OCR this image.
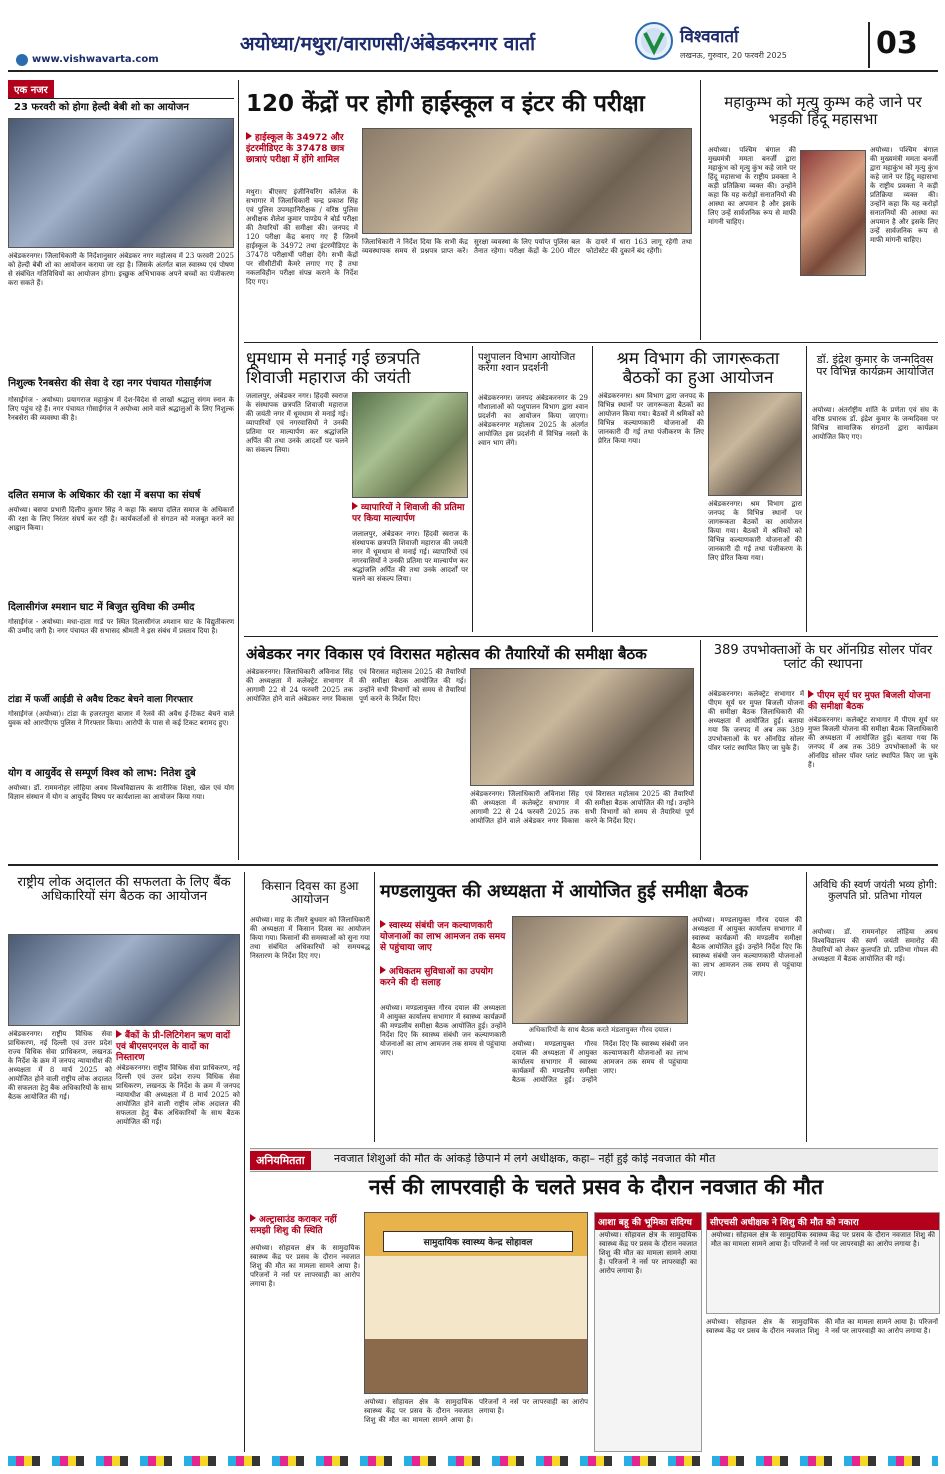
अयोध्या/मथुरा/वाराणसी/अंबेडकरनगर वार्ता	विश्ववार्ता
लखनऊ, गुरुवार, 20 फरवरी 2025	03
www.vishwavarta.com
एक नजर
23 फरवरी को होगा हेल्दी बेबी शो का आयोजन
अंबेडकरनगर। जिलाधिकारी के निर्देशानुसार अंबेडकर नगर महोत्सव में 23 फरवरी 2025 को हेल्दी बेबी शो का आयोजन कराया जा रहा है। जिसके अंतर्गत बाल स्वास्थ्य एवं पोषण से संबंधित गतिविधियों का आयोजन होगा। इच्छुक अभिभावक अपने बच्चों का पंजीकरण करा सकते हैं।
निशुल्क रैनबसेरा की सेवा दे रहा नगर पंचायत गोसाईंगंज
गोसाईंगंज - अयोध्या। प्रयागराज महाकुंभ में देश-विदेश से लाखों श्रद्धालु संगम स्नान के लिए पहुंच रहे हैं। नगर पंचायत गोसाईंगंज ने अयोध्या आने वाले श्रद्धालुओं के लिए निशुल्क रैनबसेरा की व्यवस्था की है।
दलित समाज के अधिकार की रक्षा में बसपा का संघर्ष
अयोध्या। बसपा प्रभारी दिलीप कुमार सिंह ने कहा कि बसपा दलित समाज के अधिकारों की रक्षा के लिए निरंतर संघर्ष कर रही है। कार्यकर्ताओं से संगठन को मजबूत करने का आह्वान किया।
दिलासीगंज श्मशान घाट में बिजुत सुविधा की उम्मीद
गोसाईंगंज - अयोध्या। मधा-दाता गार्ड पर स्थित दिलासीगंज श्मशान घाट के विद्युतीकरण की उम्मीद जगी है। नगर पंचायत की सभासद श्रीमती ने इस संबंध में प्रस्ताव दिया है।
टांडा में फर्जी आईडी से अवैध टिकट बेचने वाला गिरफ्तार
गोसाईंगंज (अयोध्या)। टांडा के हजरतपुरा बाजार में रेलवे की अवैध ई-टिकट बेचने वाले युवक को आरपीएफ पुलिस ने गिरफ्तार किया। आरोपी के पास से कई टिकट बरामद हुए।
योग व आयुर्वेद से सम्पूर्ण विश्व को लाभ: नितेश दुबे
अयोध्या। डॉ. राममनोहर लोहिया अवध विश्वविद्यालय के शारीरिक शिक्षा, खेल एवं योग विज्ञान संस्थान में योग व आयुर्वेद विषय पर कार्यशाला का आयोजन किया गया।
120 केंद्रों पर होगी हाईस्कूल व इंटर की परीक्षा
हाईस्कूल के 34972 और इंटरमीडिएट के 37478 छात्र छात्राएं परीक्षा में होंगे शामिल
मथुरा। बीएसए इंजीनियरिंग कॉलेज के सभागार में जिलाधिकारी चन्द्र प्रकाश सिंह एवं पुलिस उपमहानिरीक्षक / वरिष्ठ पुलिस अधीक्षक शैलेश कुमार पाण्डेय ने बोर्ड परीक्षा की तैयारियों की समीक्षा की। जनपद में 120 परीक्षा केंद्र बनाए गए हैं जिनमें हाईस्कूल के 34972 तथा इंटरमीडिएट के 37478 परीक्षार्थी परीक्षा देंगे। सभी केंद्रों पर सीसीटीवी कैमरे लगाए गए हैं तथा नकलविहीन परीक्षा संपन्न कराने के निर्देश दिए गए।
जिलाधिकारी ने निर्देश दिया कि सभी केंद्र व्यवस्थापक समय से प्रश्नपत्र प्राप्त करें। सुरक्षा व्यवस्था के लिए पर्याप्त पुलिस बल तैनात रहेगा। परीक्षा केंद्रों के 200 मीटर के दायरे में धारा 163 लागू रहेगी तथा फोटोस्टेट की दुकानें बंद रहेंगी।
महाकुम्भ को मृत्यु कुम्भ कहे जाने पर भड़की हिंदू महासभा
अयोध्या। पश्चिम बंगाल की मुख्यमंत्री ममता बनर्जी द्वारा महाकुंभ को मृत्यु कुंभ कहे जाने पर हिंदू महासभा के राष्ट्रीय प्रवक्ता ने कड़ी प्रतिक्रिया व्यक्त की। उन्होंने कहा कि यह करोड़ों सनातनियों की आस्था का अपमान है और इसके लिए उन्हें सार्वजनिक रूप से माफी मांगनी चाहिए।
अयोध्या। पश्चिम बंगाल की मुख्यमंत्री ममता बनर्जी द्वारा महाकुंभ को मृत्यु कुंभ कहे जाने पर हिंदू महासभा के राष्ट्रीय प्रवक्ता ने कड़ी प्रतिक्रिया व्यक्त की। उन्होंने कहा कि यह करोड़ों सनातनियों की आस्था का अपमान है और इसके लिए उन्हें सार्वजनिक रूप से माफी मांगनी चाहिए।
धूमधाम से मनाई गई छत्रपति शिवाजी महाराज की जयंती
व्यापारियों ने शिवाजी की प्रतिमा पर किया माल्यार्पण
जलालपुर, अंबेडकर नगर। हिंदवी स्वराज के संस्थापक छत्रपति शिवाजी महाराज की जयंती नगर में धूमधाम से मनाई गई। व्यापारियों एवं नगरवासियों ने उनकी प्रतिमा पर माल्यार्पण कर श्रद्धांजलि अर्पित की तथा उनके आदर्शों पर चलने का संकल्प लिया।
जलालपुर, अंबेडकर नगर। हिंदवी स्वराज के संस्थापक छत्रपति शिवाजी महाराज की जयंती नगर में धूमधाम से मनाई गई। व्यापारियों एवं नगरवासियों ने उनकी प्रतिमा पर माल्यार्पण कर श्रद्धांजलि अर्पित की तथा उनके आदर्शों पर चलने का संकल्प लिया।
पशुपालन विभाग आयोजित करेगा श्वान प्रदर्शनी
अंबेडकरनगर। जनपद अंबेडकरनगर के 29 गौशालाओं को पशुपालन विभाग द्वारा श्वान प्रदर्शनी का आयोजन किया जाएगा। अंबेडकरनगर महोत्सव 2025 के अंतर्गत आयोजित इस प्रदर्शनी में विभिन्न नस्लों के श्वान भाग लेंगे।
श्रम विभाग की जागरूकता बैठकों का हुआ आयोजन
अंबेडकरनगर। श्रम विभाग द्वारा जनपद के विभिन्न स्थानों पर जागरूकता बैठकों का आयोजन किया गया। बैठकों में श्रमिकों को विभिन्न कल्याणकारी योजनाओं की जानकारी दी गई तथा पंजीकरण के लिए प्रेरित किया गया।
अंबेडकरनगर। श्रम विभाग द्वारा जनपद के विभिन्न स्थानों पर जागरूकता बैठकों का आयोजन किया गया। बैठकों में श्रमिकों को विभिन्न कल्याणकारी योजनाओं की जानकारी दी गई तथा पंजीकरण के लिए प्रेरित किया गया।
डॉ. इंद्रेश कुमार के जन्मदिवस पर विभिन्न कार्यक्रम आयोजित
अयोध्या। अंतर्राष्ट्रीय शांति के प्रणेता एवं संघ के वरिष्ठ प्रचारक डॉ. इंद्रेश कुमार के जन्मदिवस पर विभिन्न सामाजिक संगठनों द्वारा कार्यक्रम आयोजित किए गए।
अंबेडकर नगर विकास एवं विरासत महोत्सव की तैयारियों की समीक्षा बैठक
अंबेडकरनगर। जिलाधिकारी अविनाश सिंह की अध्यक्षता में कलेक्ट्रेट सभागार में आगामी 22 से 24 फरवरी 2025 तक आयोजित होने वाले अंबेडकर नगर विकास एवं विरासत महोत्सव 2025 की तैयारियों की समीक्षा बैठक आयोजित की गई। उन्होंने सभी विभागों को समय से तैयारियां पूर्ण करने के निर्देश दिए।
अंबेडकरनगर। जिलाधिकारी अविनाश सिंह की अध्यक्षता में कलेक्ट्रेट सभागार में आगामी 22 से 24 फरवरी 2025 तक आयोजित होने वाले अंबेडकर नगर विकास एवं विरासत महोत्सव 2025 की तैयारियों की समीक्षा बैठक आयोजित की गई। उन्होंने सभी विभागों को समय से तैयारियां पूर्ण करने के निर्देश दिए।
389 उपभोक्ताओं के घर ऑनग्रिड सोलर पॉवर प्लांट की स्थापना
पीएम सूर्य घर मुफ्त बिजली योजना की समीक्षा बैठक
अंबेडकरनगर। कलेक्ट्रेट सभागार में पीएम सूर्य घर मुफ्त बिजली योजना की समीक्षा बैठक जिलाधिकारी की अध्यक्षता में आयोजित हुई। बताया गया कि जनपद में अब तक 389 उपभोक्ताओं के घर ऑनग्रिड सोलर पॉवर प्लांट स्थापित किए जा चुके हैं।
अंबेडकरनगर। कलेक्ट्रेट सभागार में पीएम सूर्य घर मुफ्त बिजली योजना की समीक्षा बैठक जिलाधिकारी की अध्यक्षता में आयोजित हुई। बताया गया कि जनपद में अब तक 389 उपभोक्ताओं के घर ऑनग्रिड सोलर पॉवर प्लांट स्थापित किए जा चुके हैं।
राष्ट्रीय लोक अदालत की सफलता के लिए बैंक अधिकारियों संग बैठक का आयोजन
बैंकों के प्री-लिटिगेशन ऋण वादों एवं बीएसएनएल के वादों का निस्तारण
अंबेडकरनगर। राष्ट्रीय विधिक सेवा प्राधिकरण, नई दिल्ली एवं उत्तर प्रदेश राज्य विधिक सेवा प्राधिकरण, लखनऊ के निर्देश के क्रम में जनपद न्यायाधीश की अध्यक्षता में 8 मार्च 2025 को आयोजित होने वाली राष्ट्रीय लोक अदालत की सफलता हेतु बैंक अधिकारियों के साथ बैठक आयोजित की गई।
अंबेडकरनगर। राष्ट्रीय विधिक सेवा प्राधिकरण, नई दिल्ली एवं उत्तर प्रदेश राज्य विधिक सेवा प्राधिकरण, लखनऊ के निर्देश के क्रम में जनपद न्यायाधीश की अध्यक्षता में 8 मार्च 2025 को आयोजित होने वाली राष्ट्रीय लोक अदालत की सफलता हेतु बैंक अधिकारियों के साथ बैठक आयोजित की गई।
किसान दिवस का हुआ आयोजन
अयोध्या। माह के तीसरे बुधवार को जिलाधिकारी की अध्यक्षता में किसान दिवस का आयोजन किया गया। किसानों की समस्याओं को सुना गया तथा संबंधित अधिकारियों को समयबद्ध निस्तारण के निर्देश दिए गए।
मण्डलायुक्त की अध्यक्षता में आयोजित हुई समीक्षा बैठक
स्वास्थ्य संबंधी जन कल्याणकारी योजनाओं का लाभ आमजन तक समय से पहुंचाया जाए
अधिकतम सुविधाओं का उपयोग करने की दी सलाह
अधिकारियों के साथ बैठक करते मंडलायुक्त गौरव दयाल।
अयोध्या। मण्डलायुक्त गौरव दयाल की अध्यक्षता में आयुक्त कार्यालय सभागार में स्वास्थ्य कार्यक्रमों की मण्डलीय समीक्षा बैठक आयोजित हुई। उन्होंने निर्देश दिए कि स्वास्थ्य संबंधी जन कल्याणकारी योजनाओं का लाभ आमजन तक समय से पहुंचाया जाए।
अयोध्या। मण्डलायुक्त गौरव दयाल की अध्यक्षता में आयुक्त कार्यालय सभागार में स्वास्थ्य कार्यक्रमों की मण्डलीय समीक्षा बैठक आयोजित हुई। उन्होंने निर्देश दिए कि स्वास्थ्य संबंधी जन कल्याणकारी योजनाओं का लाभ आमजन तक समय से पहुंचाया जाए।
अयोध्या। मण्डलायुक्त गौरव दयाल की अध्यक्षता में आयुक्त कार्यालय सभागार में स्वास्थ्य कार्यक्रमों की मण्डलीय समीक्षा बैठक आयोजित हुई। उन्होंने निर्देश दिए कि स्वास्थ्य संबंधी जन कल्याणकारी योजनाओं का लाभ आमजन तक समय से पहुंचाया जाए।
अविधि की स्वर्ण जयंती भव्य होगी: कुलपति प्रो. प्रतिभा गोयल
अयोध्या। डॉ. राममनोहर लोहिया अवध विश्वविद्यालय की स्वर्ण जयंती समारोह की तैयारियों को लेकर कुलपति प्रो. प्रतिभा गोयल की अध्यक्षता में बैठक आयोजित की गई।
अनियमितता	नवजात शिशुओं की मौत के आंकड़े छिपाने में लगे अधीक्षक, कहा– नहीं हुई कोई नवजात की मौत
नर्स की लापरवाही के चलते प्रसव के दौरान नवजात की मौत
अल्ट्रासाउंड कराकर नहीं समझी शिशु की स्थिति
अयोध्या। सोहावल क्षेत्र के सामुदायिक स्वास्थ्य केंद्र पर प्रसव के दौरान नवजात शिशु की मौत का मामला सामने आया है। परिजनों ने नर्स पर लापरवाही का आरोप लगाया है।
सामुदायिक स्वास्थ्य केन्द्र सोहावल
अयोध्या। सोहावल क्षेत्र के सामुदायिक स्वास्थ्य केंद्र पर प्रसव के दौरान नवजात शिशु की मौत का मामला सामने आया है। परिजनों ने नर्स पर लापरवाही का आरोप लगाया है।
आशा बहू की भूमिका संदिग्ध
अयोध्या। सोहावल क्षेत्र के सामुदायिक स्वास्थ्य केंद्र पर प्रसव के दौरान नवजात शिशु की मौत का मामला सामने आया है। परिजनों ने नर्स पर लापरवाही का आरोप लगाया है।
सीएचसी अधीक्षक ने शिशु की मौत को नकारा
अयोध्या। सोहावल क्षेत्र के सामुदायिक स्वास्थ्य केंद्र पर प्रसव के दौरान नवजात शिशु की मौत का मामला सामने आया है। परिजनों ने नर्स पर लापरवाही का आरोप लगाया है।
अयोध्या। सोहावल क्षेत्र के सामुदायिक स्वास्थ्य केंद्र पर प्रसव के दौरान नवजात शिशु की मौत का मामला सामने आया है। परिजनों ने नर्स पर लापरवाही का आरोप लगाया है।
